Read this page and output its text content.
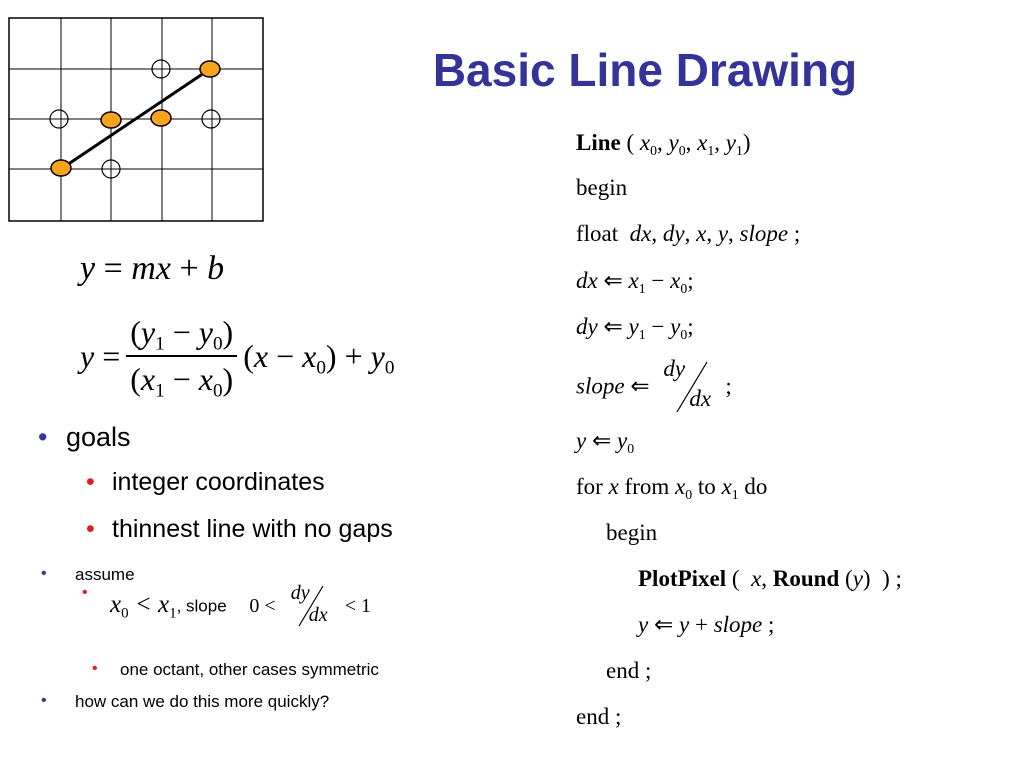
Basic Line Drawing
y = mx + b
$y = \frac{(y_1 - y_0)}{(x_1 - x_0)} (x - x_0) + y_0$
• goals
• integer coordinates
• thinnest line with no gaps
• assume
• $x_0 < x_1$, slope 0 <
dy
dx < 1
• one octant, other cases symmetric
• how can we do this more quickly?
Line ( $x_0$, $y_0$, $x_1$, $y_1$)
begin
float dx, dy, x, y, slope ;
dx ⇐ $x_1 - x_0$;
dy ⇐ $y_1 - y_0$;
slope ⇐
dy
dx
;
y ⇐ $y_0$
for x from $x_0$ to $x_1$ do
begin
PlotPixel (  x, Round (y)  ) ;
y ⇐ y + slope ;
end ;
end ;
